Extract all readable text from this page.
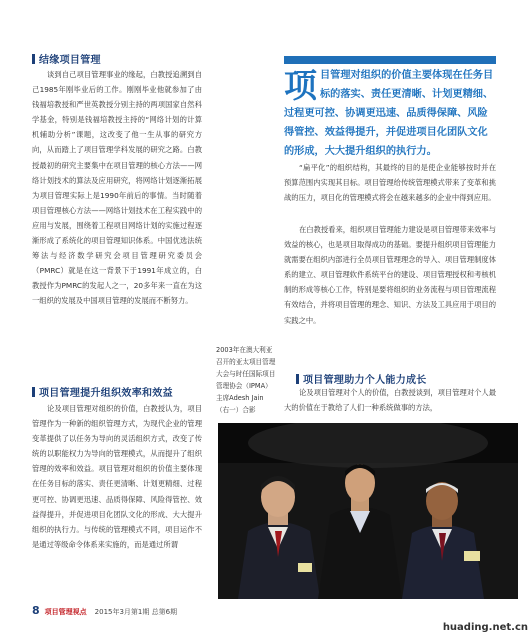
结缘项目管理

谈到自己项目管理事业的缘起，白教授追溯到自己1985年刚毕业后的工作。刚刚毕业他就参加了由钱福培教授和严世英教授分别主持的两项国家自然科学基金，特别是钱福培教授主持的“网络计划的计算机辅助分析”课题，这改变了他一生从事的研究方向，从而踏上了项目管理学科发展的研究之路。白教授最初的研究主要集中在项目管理的核心方法——网络计划技术的算法及应用研究，将网络计划逐渐拓展为项目管理实际上是1990年前后的事情。当时随着项目管理核心方法——网络计划技术在工程实践中的应用与发展，围绕着工程项目网络计划的实施过程逐渐形成了系统化的项目管理知识体系。中国优选法统筹法与经济数学研究会项目管理研究委员会（PMRC）就是在这一背景下于1991年成立的，白教授作为PMRC的发起人之一，20多年来一直在为这一组织的发展及中国项目管理的发展而不断努力。

项目管理提升组织效率和效益

论及项目管理对组织的价值，白教授认为，项目管理作为一种新的组织管理方式，为现代企业的管理变革提供了以任务为导向的灵活组织方式，改变了传统的以职能权力为导向的管理模式，从而提升了组织管理的效率和效益。项目管理对组织的价值主要体现在任务目标的落实、责任更清晰、计划更精细、过程更可控、协调更迅速、品质得保障、风险得管控、效益得提升，并促进项目化团队文化的形成、大大提升组织的执行力。与传统的管理模式不同，项目运作不是通过等级命令体系来实施的，而是通过所谓

项目管理对组织的价值主要体现在任务目标的落实、责任更清晰、计划更精细、过程更可控、协调更迅速、品质得保障、风险得管控、效益得提升，并促进项目化团队文化的形成，大大提升组织的执行力。

“扁平化”的组织结构，其最终的目的是使企业能够按时并在预算范围内实现其目标。项目管理给传统管理模式带来了变革和挑战的压力，项目化的管理模式将会在越来越多的企业中得到应用。

在白教授看来，组织项目管理能力建设是项目管理带来效率与效益的核心，也是项目取得成功的基础。要提升组织项目管理能力就需要在组织内部进行全员项目管理理念的导入、项目管理制度体系的建立、项目管理软件系统平台的建设、项目管理授权和考核机制的形成等核心工作，特别是要将组织的业务流程与项目管理流程有效结合，并将项目管理的理念、知识、方法及工具应用于项目的实践之中。

项目管理助力个人能力成长

论及项目管理对个人的价值，白教授谈到，项目管理对个人最大的价值在于教给了人们一种系统做事的方法，

2003年在澳大利亚召开的亚太项目管理大会与时任国际项目管理协会（IPMA）主席Adesh Jain（右一）合影

8 项目管理视点 2015年3月第1期 总第6期
huading.net.cn
